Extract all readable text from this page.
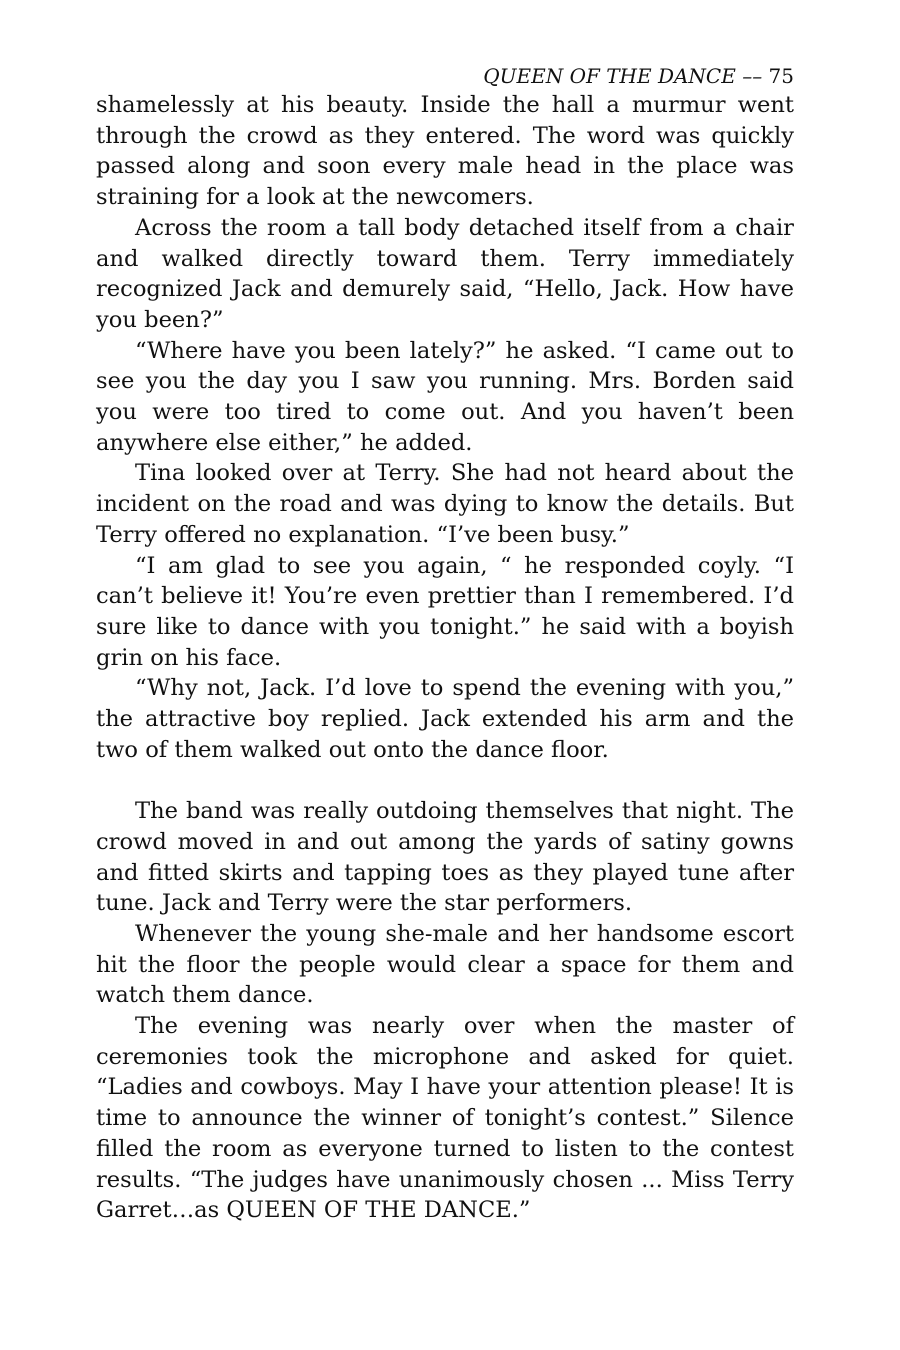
QUEEN OF THE DANCE –– 75

shamelessly at his beauty. Inside the hall a murmur went through the crowd as they entered. The word was quickly passed along and soon every male head in the place was straining for a look at the newcomers.

Across the room a tall body detached itself from a chair and walked directly toward them. Terry immediately recognized Jack and demurely said, “Hello, Jack. How have you been?”

“Where have you been lately?” he asked. “I came out to see you the day you I saw you running. Mrs. Borden said you were too tired to come out. And you haven’t been anywhere else either,” he added.

Tina looked over at Terry. She had not heard about the incident on the road and was dying to know the details. But Terry offered no explanation. “I’ve been busy.”

“I am glad to see you again, “ he responded coyly. “I can’t believe it! You’re even prettier than I remembered. I’d sure like to dance with you tonight.” he said with a boyish grin on his face.

“Why not, Jack. I’d love to spend the evening with you,” the attractive boy replied. Jack extended his arm and the two of them walked out onto the dance floor.

The band was really outdoing themselves that night. The crowd moved in and out among the yards of satiny gowns and fitted skirts and tapping toes as they played tune after tune. Jack and Terry were the star performers.

Whenever the young she-male and her handsome escort hit the floor the people would clear a space for them and watch them dance.

The evening was nearly over when the master of ceremonies took the microphone and asked for quiet. “Ladies and cowboys. May I have your attention please! It is time to announce the winner of tonight’s contest.” Silence filled the room as everyone turned to listen to the contest results. “The judges have unanimously chosen ... Miss Terry Garret…as QUEEN OF THE DANCE.”
